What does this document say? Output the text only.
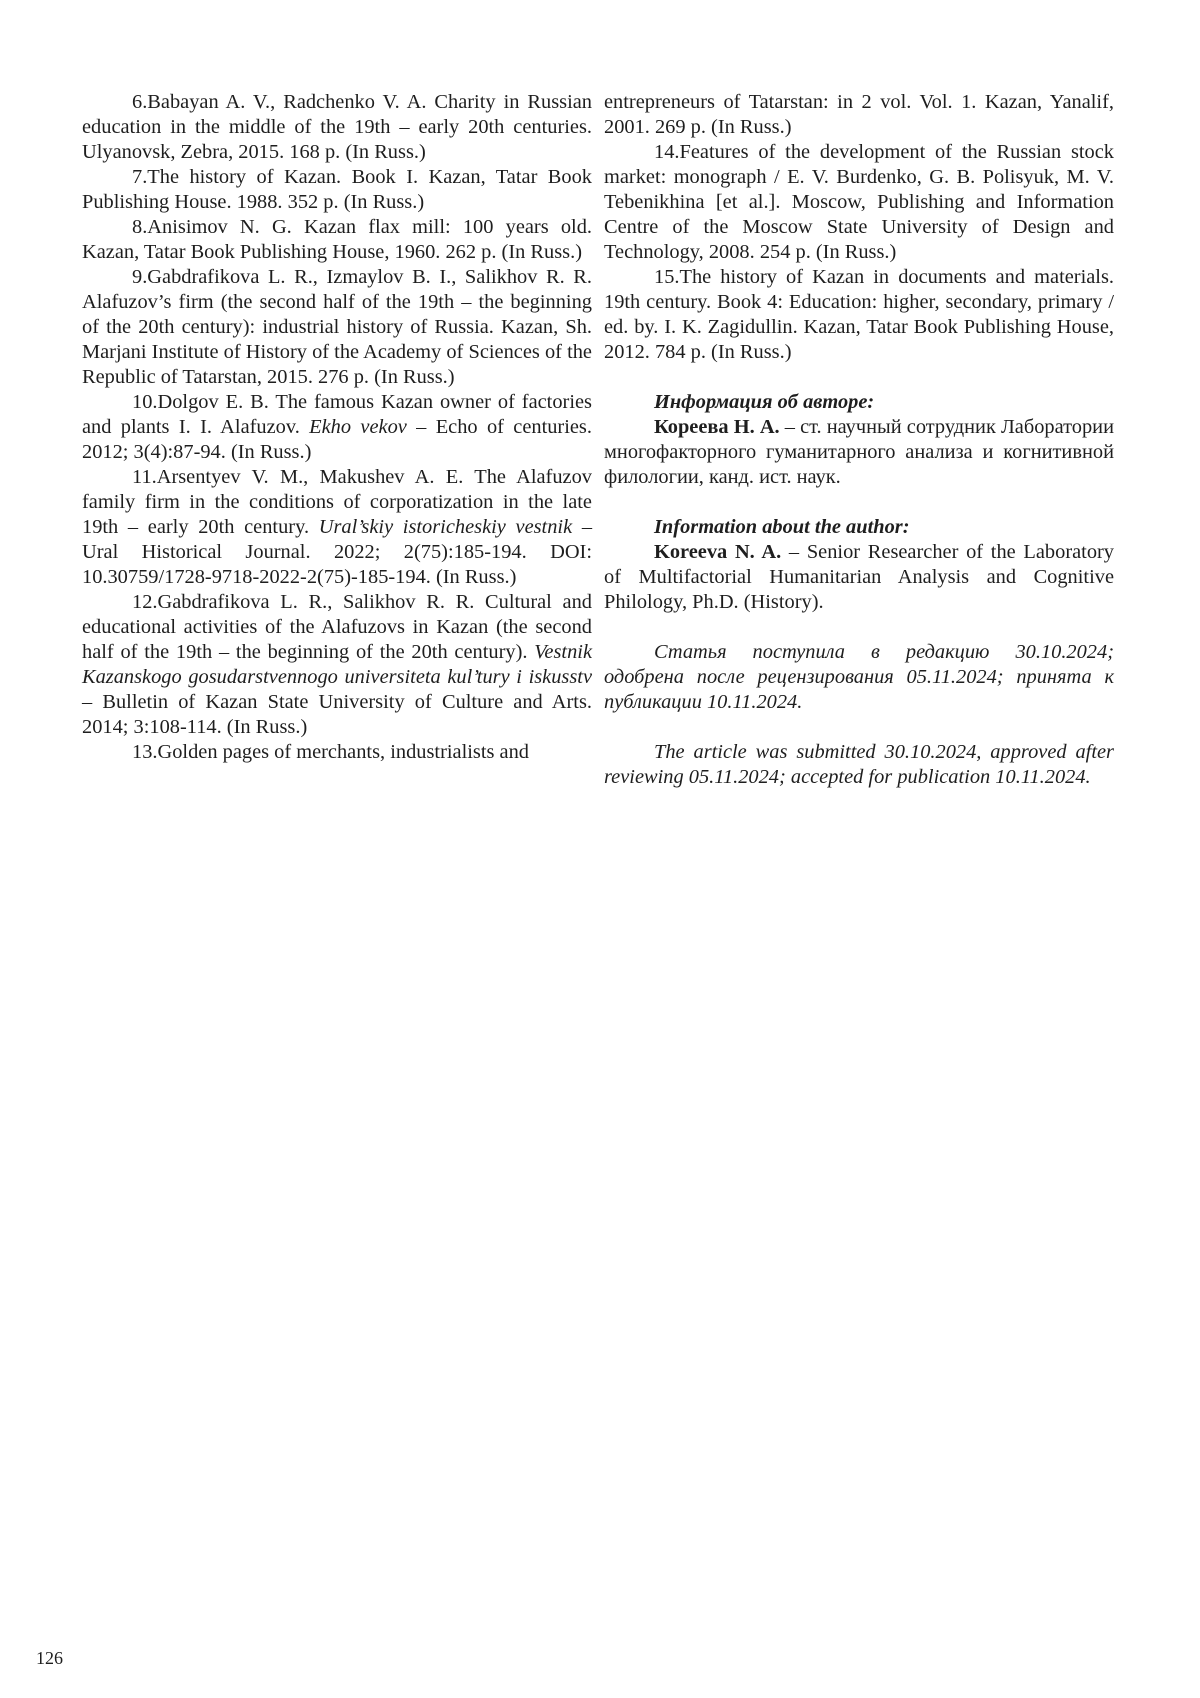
6.Babayan A. V., Radchenko V. A. Charity in Russian education in the middle of the 19th – early 20th centuries. Ulyanovsk, Zebra, 2015. 168 p. (In Russ.)

7.The history of Kazan. Book I. Kazan, Tatar Book Publishing House. 1988. 352 p. (In Russ.)

8.Anisimov N. G. Kazan flax mill: 100 years old. Kazan, Tatar Book Publishing House, 1960. 262 p. (In Russ.)

9.Gabdrafikova L. R., Izmaylov B. I., Salikhov R. R. Alafuzov’s firm (the second half of the 19th – the beginning of the 20th century): industrial history of Russia. Kazan, Sh. Marjani Institute of History of the Academy of Sciences of the Republic of Tatarstan, 2015. 276 p. (In Russ.)

10.Dolgov E. B. The famous Kazan owner of factories and plants I. I. Alafuzov. Ekho vekov – Echo of centuries. 2012; 3(4):87-94. (In Russ.)

11.Arsentyev V. M., Makushev A. E. The Alafuzov family firm in the conditions of corporatization in the late 19th – early 20th century. Ural’skiy istoricheskiy vestnik – Ural Historical Journal. 2022; 2(75):185-194. DOI: 10.30759/1728-9718-2022-2(75)-185-194. (In Russ.)

12.Gabdrafikova L. R., Salikhov R. R. Cultural and educational activities of the Alafuzovs in Kazan (the second half of the 19th – the beginning of the 20th century). Vestnik Kazanskogo gosudarstvennogo universiteta kul’tury i iskusstv – Bulletin of Kazan State University of Culture and Arts. 2014; 3:108-114. (In Russ.)

13.Golden pages of merchants, industrialists and

entrepreneurs of Tatarstan: in 2 vol. Vol. 1. Kazan, Yanalif, 2001. 269 p. (In Russ.)

14.Features of the development of the Russian stock market: monograph / E. V. Burdenko, G. B. Polisyuk, M. V. Tebenikhina [et al.]. Moscow, Publishing and Information Centre of the Moscow State University of Design and Technology, 2008. 254 p. (In Russ.)

15.The history of Kazan in documents and materials. 19th century. Book 4: Education: higher, secondary, primary / ed. by. I. K. Zagidullin. Kazan, Tatar Book Publishing House, 2012. 784 p. (In Russ.)

Информация об авторе:

Кореева Н. А. – ст. научный сотрудник Лаборатории многофакторного гуманитарного анализа и когнитивной филологии, канд. ист. наук.

Information about the author:

Koreeva N. A. – Senior Researcher of the Laboratory of Multifactorial Humanitarian Analysis and Cognitive Philology, Ph.D. (History).

Статья поступила в редакцию 30.10.2024; одобрена после рецензирования 05.11.2024; принята к публикации 10.11.2024.

The article was submitted 30.10.2024, approved after reviewing 05.11.2024; accepted for publication 10.11.2024.

126
